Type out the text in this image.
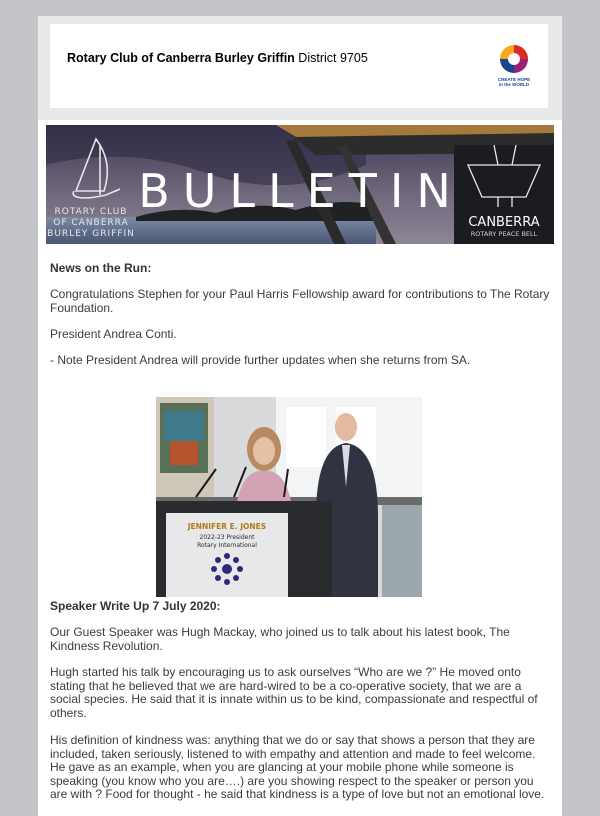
Rotary Club of Canberra Burley Griffin District 9705
CREATE HOPE
in the WORLD
BULLETIN
ROTARY CLUB
OF CANBERRA
BURLEY GRIFFIN
CANBERRA
ROTARY PEACE BELL

News on the Run:

Congratulations Stephen for your Paul Harris Fellowship award for contributions to The Rotary Foundation.

President Andrea Conti.

- Note President Andrea will provide further updates when she returns from SA.

Speaker Write Up 7 July 2020:

Our Guest Speaker was Hugh Mackay, who joined us to talk about his latest book, The Kindness Revolution.

Hugh started his talk by encouraging us to ask ourselves “Who are we ?” He moved onto stating that he believed that we are hard-wired to be a co-operative society, that we are a social species. He said that it is innate within us to be kind, compassionate and respectful of others.

His definition of kindness was: anything that we do or say that shows a person that they are included, taken seriously, listened to with empathy and attention and made to feel welcome. He gave as an example, when you are glancing at your mobile phone while someone is speaking (you know who you are….) are you showing respect to the speaker or person you are with ? Food for thought - he said that kindness is a type of love but not an emotional love.

JENNIFER E. JONES
2022-23 President
Rotary International
